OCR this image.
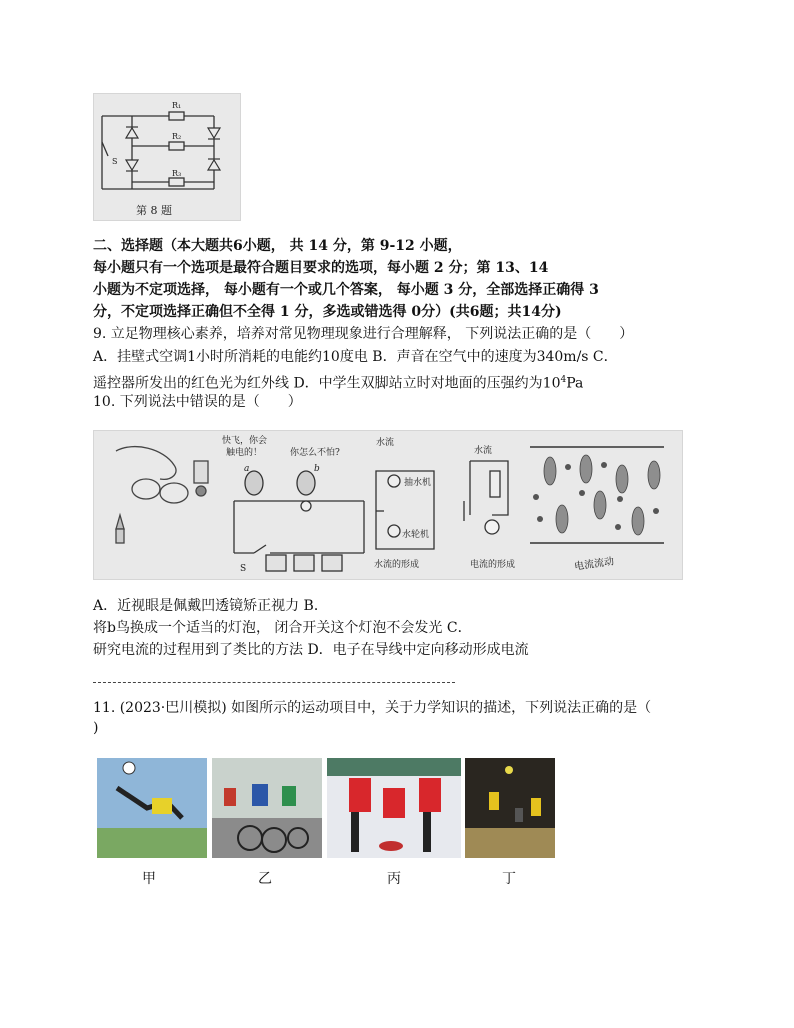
R₁
R₂
R₃
S
第 8 题
二、选择题（本大题共6小题， 共 14 分，第 9-12 小题，
每小题只有一个选项是最符合题目要求的选项，每小题 2 分；第 13、14
小题为不定项选择， 每小题有一个或几个答案， 每小题 3 分，全部选择正确得 3
分，不定项选择正确但不全得 1 分，多选或错选得 0分）(共6题；共14分)
9. 立足物理核心素养，培养对常见物理现象进行合理解释， 下列说法正确的是（　　）
A．挂壁式空调1小时所消耗的电能约10度电 B．声音在空气中的速度为340m/s C．
遥控器所发出的红色光为红外线 D．中学生双脚站立时对地面的压强约为$10^4Pa$
10. 下列说法中错误的是（　　）
快飞，你会
触电的！	你怎么不怕?
a	b
S
水流
抽水机
水轮机
水流的形成
水流
电流的形成	电流流动
A．近视眼是佩戴凹透镜矫正视力 B．
将b鸟换成一个适当的灯泡， 闭合开关这个灯泡不会发光 C．
研究电流的过程用到了类比的方法 D．电子在导线中定向移动形成电流
11. (2023·巴川模拟) 如图所示的运动项目中，关于力学知识的描述，下列说法正确的是（
)
甲	乙	丙	丁
